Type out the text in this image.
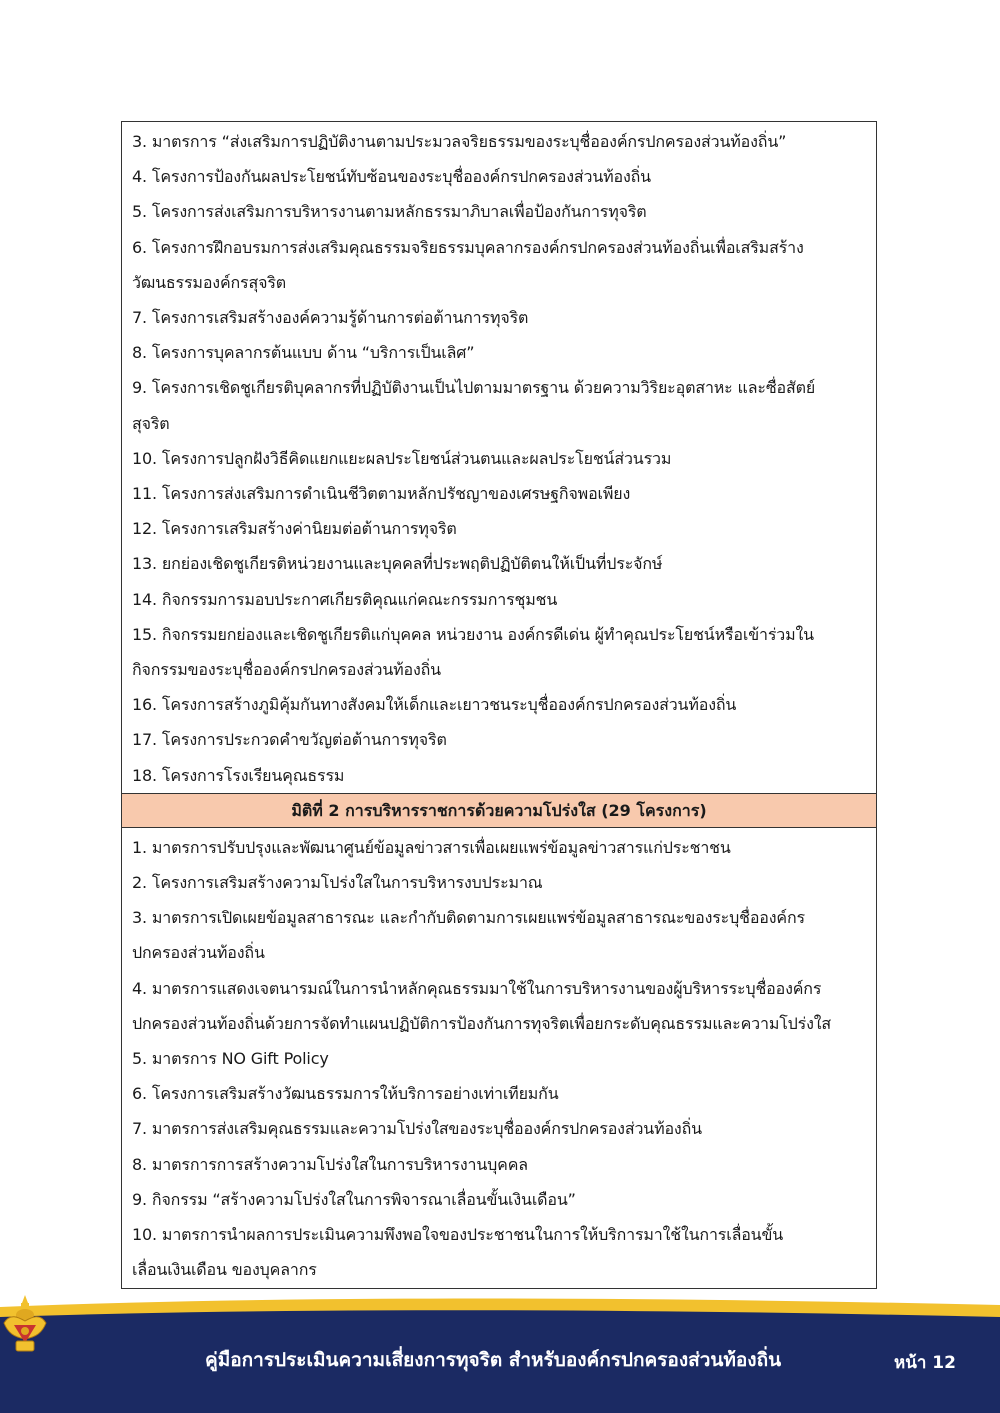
3. มาตรการ “ส่งเสริมการปฏิบัติงานตามประมวลจริยธรรมของระบุชื่อองค์กรปกครองส่วนท้องถิ่น”
4. โครงการป้องกันผลประโยชน์ทับซ้อนของระบุชื่อองค์กรปกครองส่วนท้องถิ่น
5. โครงการส่งเสริมการบริหารงานตามหลักธรรมาภิบาลเพื่อป้องกันการทุจริต
6. โครงการฝึกอบรมการส่งเสริมคุณธรรมจริยธรรมบุคลากรองค์กรปกครองส่วนท้องถิ่นเพื่อเสริมสร้าง
วัฒนธรรมองค์กรสุจริต
7. โครงการเสริมสร้างองค์ความรู้ด้านการต่อต้านการทุจริต
8. โครงการบุคลากรต้นแบบ ด้าน “บริการเป็นเลิศ”
9. โครงการเชิดชูเกียรติบุคลากรที่ปฏิบัติงานเป็นไปตามมาตรฐาน ด้วยความวิริยะอุตสาหะ และซื่อสัตย์
สุจริต
10. โครงการปลูกฝังวิธีคิดแยกแยะผลประโยชน์ส่วนตนและผลประโยชน์ส่วนรวม
11. โครงการส่งเสริมการดำเนินชีวิตตามหลักปรัชญาของเศรษฐกิจพอเพียง
12. โครงการเสริมสร้างค่านิยมต่อต้านการทุจริต
13. ยกย่องเชิดชูเกียรติหน่วยงานและบุคคลที่ประพฤติปฏิบัติตนให้เป็นที่ประจักษ์
14. กิจกรรมการมอบประกาศเกียรติคุณแก่คณะกรรมการชุมชน
15. กิจกรรมยกย่องและเชิดชูเกียรติแก่บุคคล หน่วยงาน องค์กรดีเด่น ผู้ทำคุณประโยชน์หรือเข้าร่วมใน
กิจกรรมของระบุชื่อองค์กรปกครองส่วนท้องถิ่น
16. โครงการสร้างภูมิคุ้มกันทางสังคมให้เด็กและเยาวชนระบุชื่อองค์กรปกครองส่วนท้องถิ่น
17. โครงการประกวดคำขวัญต่อต้านการทุจริต
18. โครงการโรงเรียนคุณธรรม
มิติที่ 2 การบริหารราชการด้วยความโปร่งใส (29 โครงการ)
1. มาตรการปรับปรุงและพัฒนาศูนย์ข้อมูลข่าวสารเพื่อเผยแพร่ข้อมูลข่าวสารแก่ประชาชน
2. โครงการเสริมสร้างความโปร่งใสในการบริหารงบประมาณ
3. มาตรการเปิดเผยข้อมูลสาธารณะ และกำกับติดตามการเผยแพร่ข้อมูลสาธารณะของระบุชื่อองค์กร
ปกครองส่วนท้องถิ่น
4. มาตรการแสดงเจตนารมณ์ในการนำหลักคุณธรรมมาใช้ในการบริหารงานของผู้บริหารระบุชื่อองค์กร
ปกครองส่วนท้องถิ่นด้วยการจัดทำแผนปฏิบัติการป้องกันการทุจริตเพื่อยกระดับคุณธรรมและความโปร่งใส
5. มาตรการ NO Gift Policy
6. โครงการเสริมสร้างวัฒนธรรมการให้บริการอย่างเท่าเทียมกัน
7. มาตรการส่งเสริมคุณธรรมและความโปร่งใสของระบุชื่อองค์กรปกครองส่วนท้องถิ่น
8. มาตรการการสร้างความโปร่งใสในการบริหารงานบุคคล
9. กิจกรรม “สร้างความโปร่งใสในการพิจารณาเลื่อนขั้นเงินเดือน”
10. มาตรการนำผลการประเมินความพึงพอใจของประชาชนในการให้บริการมาใช้ในการเลื่อนขั้น
เลื่อนเงินเดือน ของบุคลากร
คู่มือการประเมินความเสี่ยงการทุจริต สำหรับองค์กรปกครองส่วนท้องถิ่น	หน้า 12
